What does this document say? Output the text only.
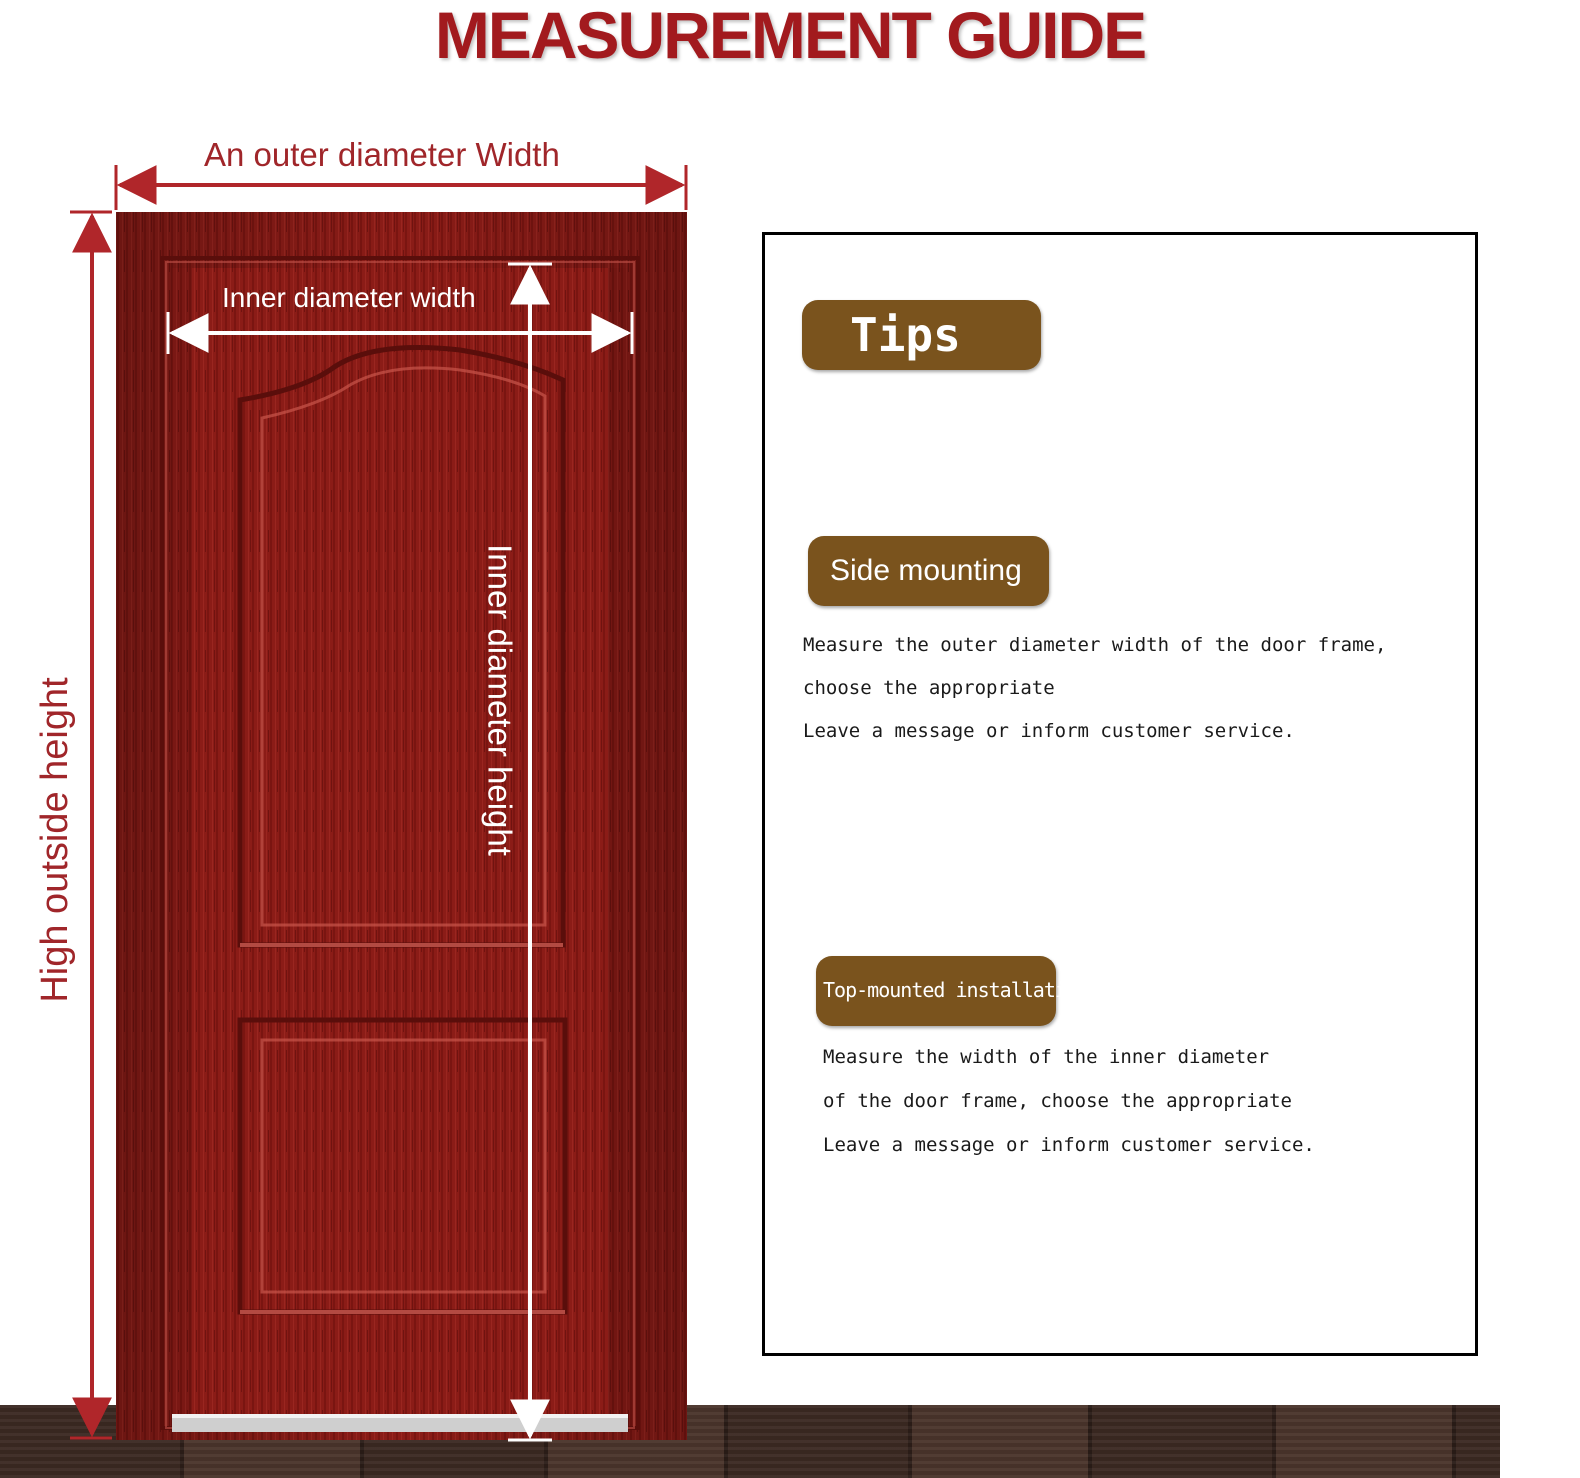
MEASUREMENT GUIDE
An outer diameter Width
Inner diameter width
Inner diameter height
High outside height
Tips
Side mounting
Measure the outer diameter width of the door frame,
choose the appropriate
Leave a message or inform customer service.
Top-mounted installation
Measure the width of the inner diameter
of the door frame, choose the appropriate
Leave a message or inform customer service.
